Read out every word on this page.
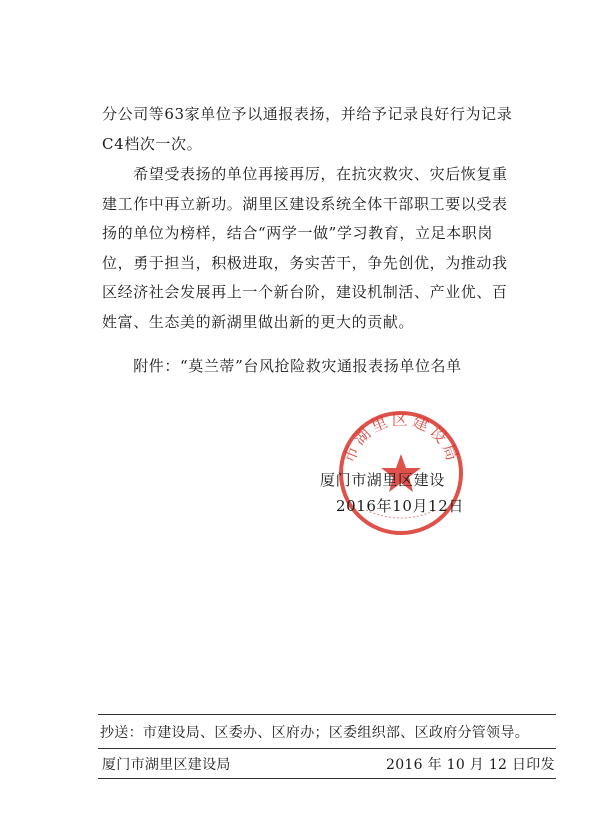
分公司等63家单位予以通报表扬，并给予记录良好行为记录
C4档次一次。

　　希望受表扬的单位再接再厉，在抗灾救灾、灾后恢复重
建工作中再立新功。湖里区建设系统全体干部职工要以受表
扬的单位为榜样，结合“两学一做”学习教育，立足本职岗
位，勇于担当，积极进取，务实苦干，争先创优，为推动我
区经济社会发展再上一个新台阶，建设机制活、产业优、百
姓富、生态美的新湖里做出新的更大的贡献。

　　附件：“莫兰蒂”台风抢险救灾通报表扬单位名单

市湖里区建设局

厦门市湖里区建设

2016年10月12日

抄送：市建设局、区委办、区府办；区委组织部、区政府分管领导。
厦门市湖里区建设局	2016 年 10 月 12 日印发
